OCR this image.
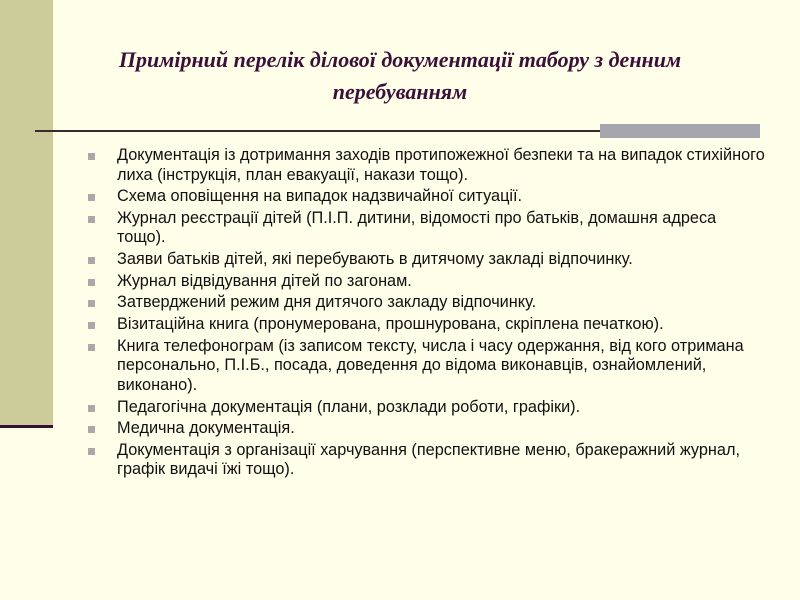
Примірний перелік ділової документації табору з денним перебуванням
Документація із дотримання заходів протипожежної безпеки та на випадок стихійного лиха (інструкція, план евакуації, накази тощо).
Схема оповіщення на випадок надзвичайної ситуації.
Журнал реєстрації дітей (П.І.П. дитини, відомості про батьків, домашня адреса тощо).
Заяви батьків дітей, які перебувають в дитячому закладі відпочинку.
Журнал відвідування дітей по загонам.
Затверджений режим дня дитячого закладу відпочинку.
Візитаційна книга (пронумерована, прошнурована, скріплена печаткою).
Книга телефонограм (із записом тексту, числа і часу одержання, від кого отримана персонально, П.І.Б., посада, доведення до відома виконавців, ознайомлений, виконано).
Педагогічна документація (плани, розклади роботи, графіки).
Медична документація.
Документація з організації харчування (перспективне меню, бракеражний журнал, графік видачі їжі тощо).
